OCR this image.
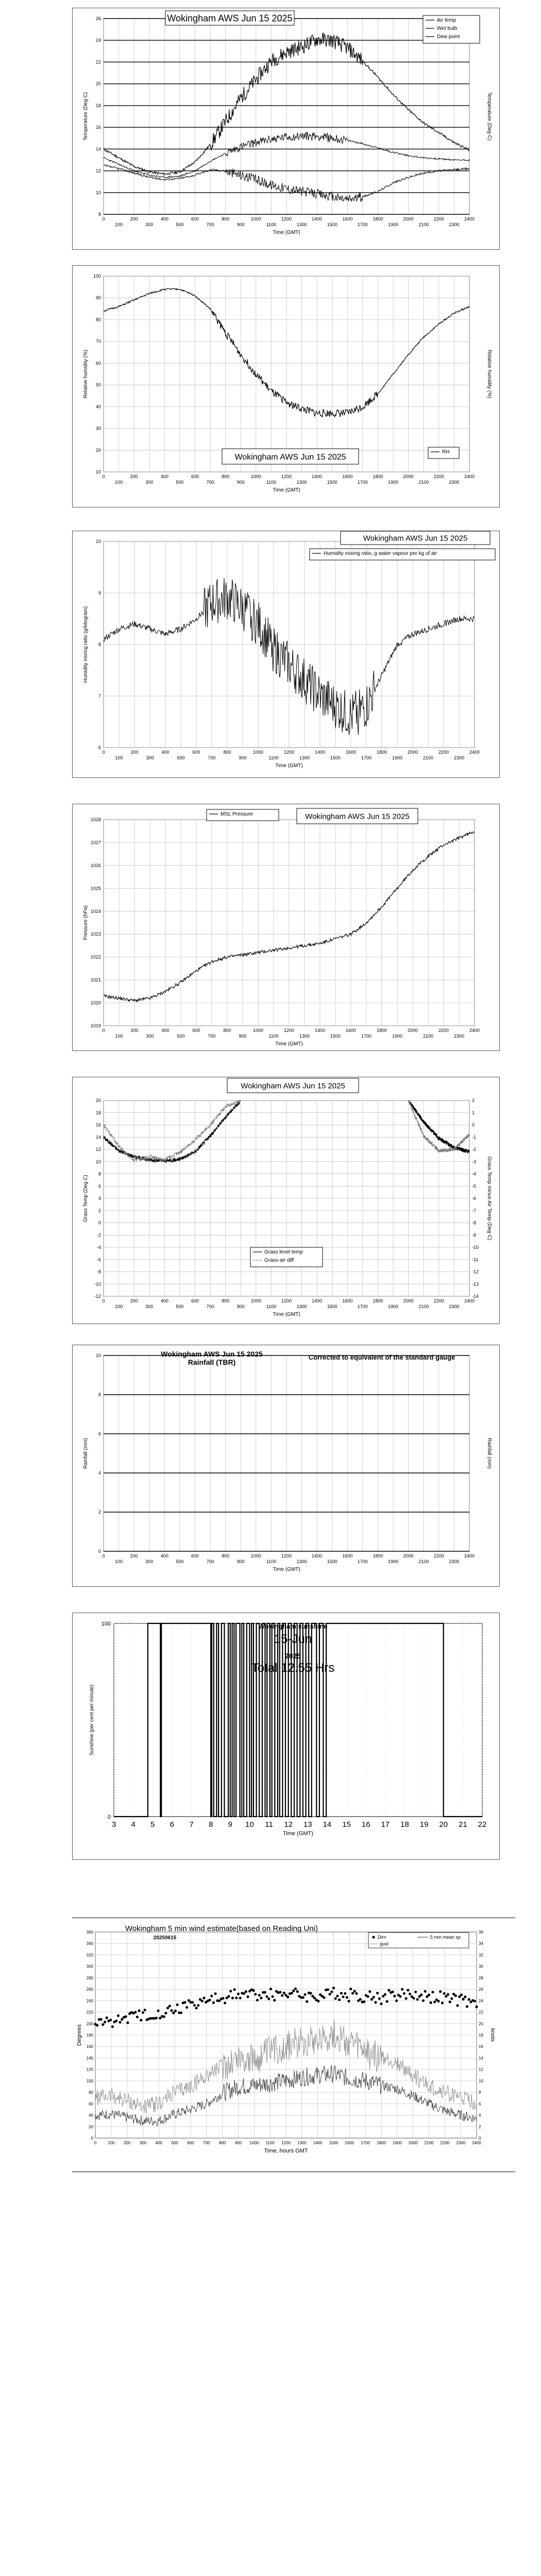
0
100
200
300
400
500
600
700
800
900
1000
1100
1200
1300
1400
1500
1600
1700
1800
1900
2000
2100
2200
2300
2400
8
10
12
14
16
18
20
22
24
26
Time (GMT)
Temperature (Deg C)	Temperature (Deg C)
Wokingham AWS Jun 15 2025	Air temp
Wet bulb
Dew point
0
100
200
300
400
500
600
700
800
900
1000
1100
1200
1300
1400
1500
1600
1700
1800
1900
2000
2100
2200
2300
2400
10
20
30
40
50
60
70
80
90
100
Time (GMT)
Relative humidity (%)	Relative humidity (%)
Wokingham AWS Jun 15 2025
RH
0
100
200
300
400
500
600
700
800
900
1000
1100
1200
1300
1400
1500
1600
1700
1800
1900
2000
2100
2200
2300
2400
6
7
8
9
10
Time (GMT)
Humidity mixing ratio (g/kilogram)
Wokingham AWS Jun 15 2025
Humidity mixing ratio, g water vapour per kg of air
0
100
200
300
400
500
600
700
800
900
1000
1100
1200
1300
1400
1500
1600
1700
1800
1900
2000
2100
2200
2300
2400
1019
1020
1021
1022
1023
1024
1025
1026
1027
1028
Time (GMT)
Pressure (hPa)
MSL Pressure	Wokingham AWS Jun 15 2025
0
100
200
300
400
500
600
700
800
900
1000
1100
1200
1300
1400
1500
1600
1700
1800
1900
2000
2100
2200
2300
2400
-12
-10
-8
-6
-4
-2
0
2
4
6
8
10
12
14
16
18
20
Time (GMT)
Grass Temp (Deg C)	Grass Temp minus Air Temp (Deg C)
-14
-13
-12
-11
-10
-9
-8
-7
-6
-5
-4
-3
-2
-1
0
1
2
Wokingham AWS Jun 15 2025
Grass level temp
Grass-air diff
0
100
200
300
400
500
600
700
800
900
1000
1100
1200
1300
1400
1500
1600
1700
1800
1900
2000
2100
2200
2300
2400
0
2
4
6
8
10
Time (GMT)
Rainfall (mm)	Rainfall (mm)
Wokingham AWS Jun 15 2025
Rainfall (TBR)
Corrected to equivalent of the standard gauge
3 4 5 6 7 8 9 10 11 12 13 14 15 16 17 18 19 20 21 22
0
100
Time (GMT)
Sunshine (per cent per minute)
Wokingham sunshine
15-Jun
2025
Total 12.55 Hrs
0	100 200 300 400 500 600 700 800 900 1000 1100 1200 1300 1400 1500 1600 1700 1800 1900 2000 2100 2200 2300 2400
0	0
20	2
40	4
60	6
80	8
100	10
120	12
140	14
160	16
180	18
200	20
220	22
240	24
260	26
280	28
300	30
320	32
340	34
360	36
Time, hours GMT
Degrees	knots
Wokingham 5 min wind estimate(based on Reading Uni)
20250615	Dirn	5 min mean sp
gust
